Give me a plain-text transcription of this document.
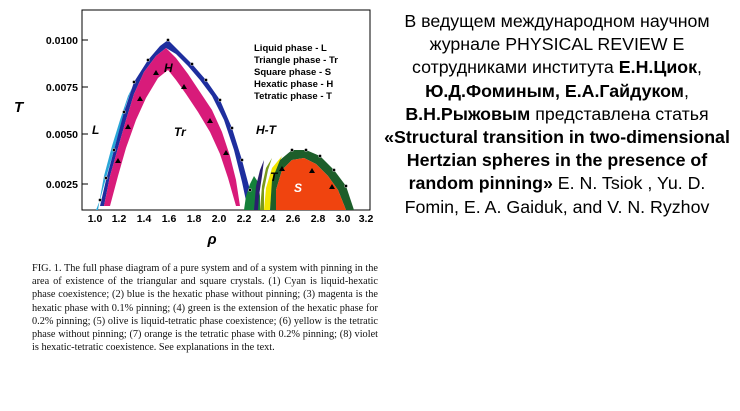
0.0100
0.0075
0.0050
0.0025
T
1.0 1.2 1.4 1.6 1.8 2.0 2.2 2.4 2.6 2.8 3.0 3.2
ρ
Liquid phase - L
Triangle phase - Tr
Square phase - S
Hexatic phase - H
Tetratic phase - T
H
L	Tr	H-T
T
S
FIG. 1. The full phase diagram of a pure system and of a system with pinning in the area of existence of the triangular and square crystals. (1) Cyan is liquid-hexatic phase coexistence; (2) blue is the hexatic phase without pinning; (3) magenta is the hexatic phase with 0.1% pinning; (4) green is the extension of the hexatic phase for 0.2% pinning; (5) olive is liquid-tetratic phase coexistence; (6) yellow is the tetratic phase without pinning; (7) orange is the tetratic phase with 0.2% pinning; (8) violet is hexatic-tetratic coexistence. See explanations in the text.
В ведущем международном научном журнале PHYSICAL REVIEW E сотрудниками института Е.Н.Циок, Ю.Д.Фоминым, Е.А.Гайдуком, В.Н.Рыжовым представлена статья «Structural transition in two-dimensional Hertzian spheres in the presence of random pinning» E. N. Tsiok , Yu. D. Fomin, E. A. Gaiduk, and V. N. Ryzhov
